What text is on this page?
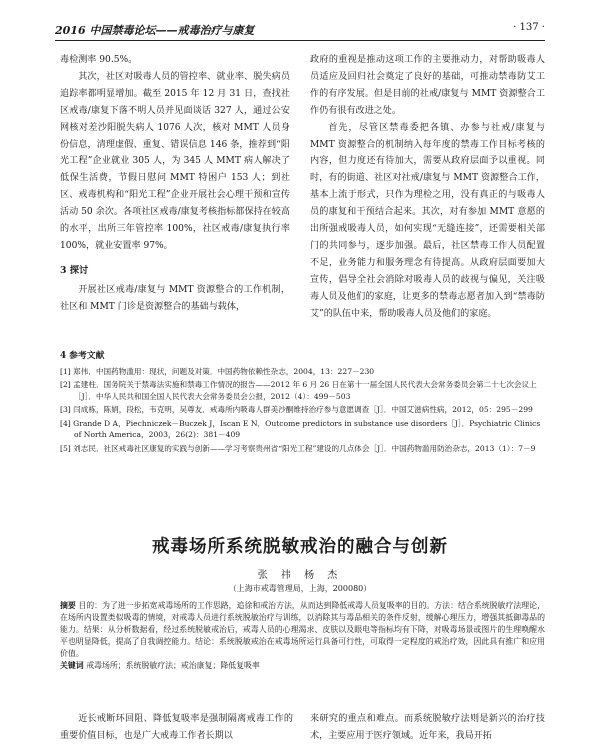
2016 中国禁毒论坛——戒毒治疗与康复	· 137 ·

毒检测率 90.5%。

其次，社区对吸毒人员的管控率、就业率、脱失病员追踪率都明显增加。截至 2015 年 12 月 31 日，查找社区戒毒/康复下落不明人员并见面谈话 327 人，通过公安网核对差沙阳脱失病人 1076 人次，核对 MMT 人员身份信息，清理虚假、重复、错误信息 146 条，推荐到“阳光工程”企业就业 305 人，为 345 人 MMT 病人解决了低保生活费，节假日慰问 MMT 特困户 153 人；到社区、戒毒机构和“阳光工程”企业开展社会心理干预和宣传活动 50 余次。各项社区戒毒/康复考核指标都保持在较高的水平，出所三年管控率 100%，社区戒毒/康复执行率 100%，就业安置率 97%。

3 探讨

开展社区戒毒/康复与 MMT 资源整合的工作机制，社区和 MMT 门诊是资源整合的基础与载体，

政府的重视是推动这项工作的主要推动力，对帮助吸毒人员适应及回归社会奠定了良好的基础，可推动禁毒防艾工作的有序发展。但是目前的社戒/康复与 MMT 资源整合工作仍有很有改进之处。

首先，尽管区禁毒委把各镇、办参与社戒/康复与 MMT 资源整合的机制纳入每年度的禁毒工作目标考核的内容，但力度还有待加大，需要从政府层面予以重视。同时，有的街道、社区对社戒/康复与 MMT 资源整合工作，基本上流于形式，只作为理检之用，没有真正的与吸毒人员的康复和干预结合起来。其次，对有参加 MMT 意愿的出所强戒吸毒人员，如何实现“无缝连接”，还需要相关部门的共同参与，逐步加强。最后，社区禁毒工作人员配置不足，业务能力和服务理念有待提高。从政府层面要加大宣传，倡导全社会消除对吸毒人员的歧视与偏见，关注吸毒人员及他们的家庭，让更多的禁毒志愿者加入到“禁毒防艾”的队伍中来，帮助吸毒人员及他们的家庭。

4 参考文献
[1] 郑伟．中国药物滥用：现状，问题及对策．中国药物依赖性杂志，2004，13：227－230
[2] 孟建柱．国务院关于禁毒法实施和禁毒工作情况的报告——2012 年 6 月 26 日在第十一届全国人民代表大会常务委员会第二十七次会议上［J］．中华人民共和国全国人民代表大会常务委员会公报，2012（4）：499－503
[3] 闫成栋，陈娟，段松，韦克明，吴尊友．戒毒所内吸毒人群美沙酮维持治疗参与意愿调查［J］．中国艾滋病性病，2012，05：295－299
[4] Grande D A，Piechniczek－Buczek J，Iscan E N．Outcome predictors in substance use disorders［J］．Psychiatric Clinics of North America，2003，26(2)：381－409
[5] 刘志民．社区戒毒社区康复的实践与创新——学习考察贵州省“阳光工程”建设的几点体会［J］．中国药物滥用防治杂志，2013（1）：7－9
戒毒场所系统脱敏戒治的融合与创新
张 祎 杨 杰
（上海市戒毒管理局，上海，200080）
摘要 目的：为了进一步拓宽戒毒场所的工作思路，追徐和戒治方法，从而达到降低戒毒人员复吸率的目的。方法：结合系统脱敏疗法理论，在场所内设置类似吸毒的情境，对戒毒人员进行系统脱敏治疗与训练，以消除其与毒品相关的条件反射，缓解心理压力，增强其抵御毒品的能力。结果：从分析数据看，经过系统脱敏戒治后，戒毒人员的心理渴求、皮肤以及眼电等指标均有下降，对吸毒场景或图片的生理唤醒水平也明显降低，提高了自我调控能力。结论：系统脱敏戒治在戒毒场所运行具备可行性，可取得一定程度的戒治疗效，因此具有推广和应用价值。
关键词 戒毒场所；系统脱敏疗法；戒治康复；降低复吸率

近长戒断环回阻、降低复吸率是强制隔离戒毒工作的重要价值目标，也是广大戒毒工作者长期以

来研究的重点和难点。而系统脱敏疗法则是新兴的治疗技术，主要应用于医疗领域。近年来，我局开拓
